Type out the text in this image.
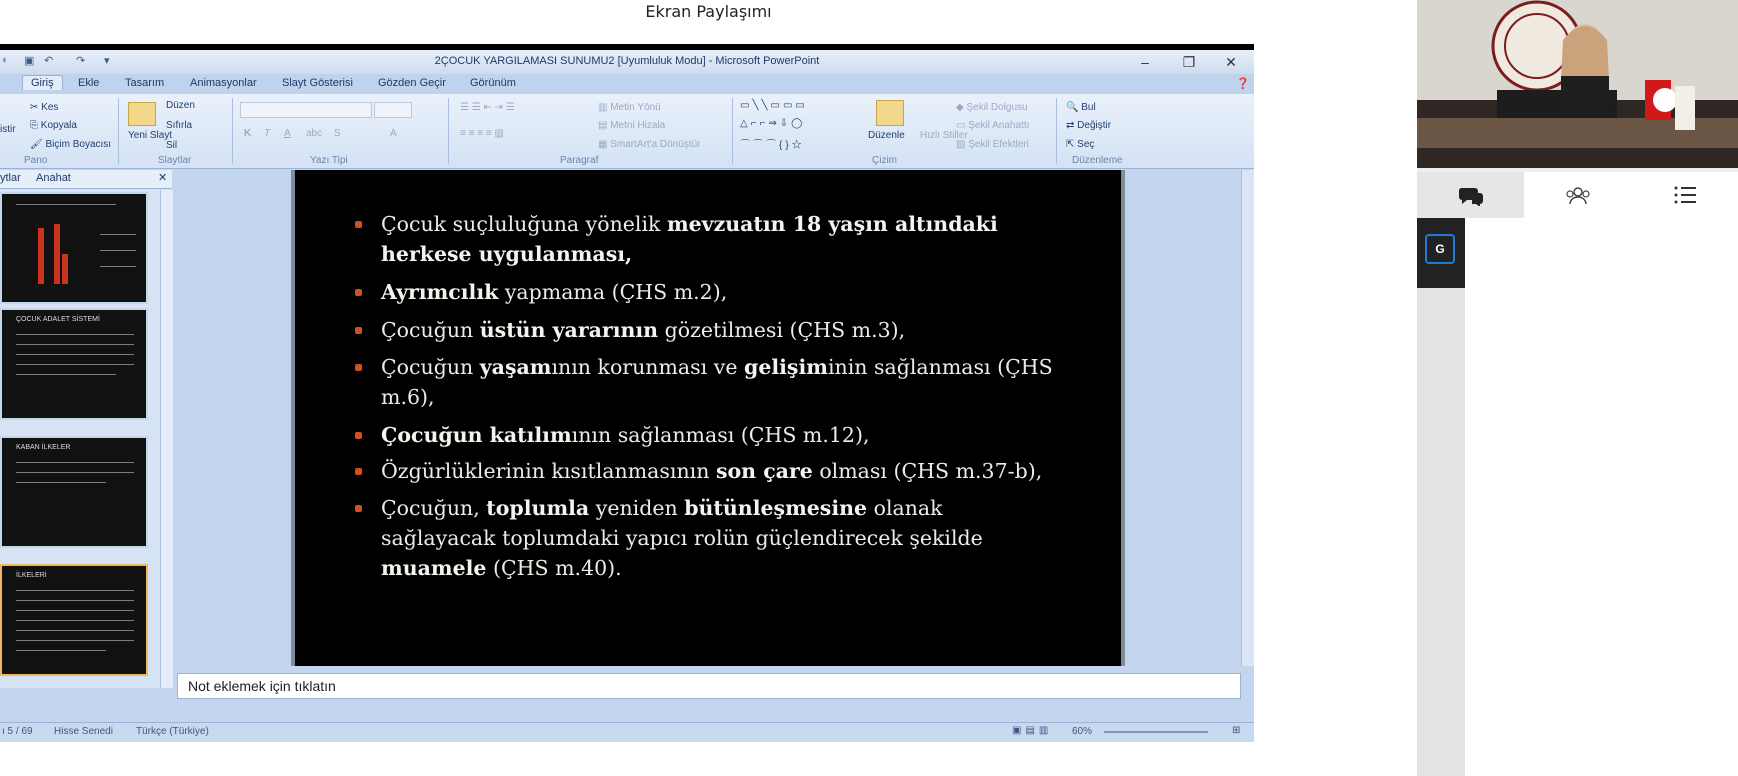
Ekran Paylaşımı
◐	▣ ↶	↷	▾	2ÇOCUK YARGILAMASI SUNUMU2 [Uyumluluk Modu] - Microsoft PowerPoint	–	❐	✕
Giriş	Ekle Tasarım Animasyonlar Slayt Gösterisi Gözden Geçir Görünüm	❓
istir
✂ Kes
⎘ Kopyala
🖌 Biçim Boyacısı
Pano
Yeni Slayt
Düzen
Sıfırla
Sil
Slaytlar
K T A abc S	A
Yazı Tipi
☰ ☰ ⇤ ⇥ ☰
≡ ≡ ≡ ≡ ▥
▥ Metin Yönü
▤ Metni Hizala
▦ SmartArt'a Dönüştür
Paragraf
▭╲╲▭▭▭
△⌐⌐⇒⇩◯
⌒⌒⌒{}☆
Düzenle Hızlı Stiller
◆ Şekil Dolgusu
▭ Şekil Anahattı
▧ Şekil Efektleri
Çizim
🔍 Bul
⇄ Değiştir
⇱ Seç
Düzenleme
ytlar Anahat	✕
ÇOCUK ADALET SİSTEMİ
KABAN İLKELER
İLKELERİ
Çocuk suçluluğuna yönelik mevzuatın 18 yaşın altındaki
herkese uygulanması,
Ayrımcılık yapmama (ÇHS m.2),
Çocuğun üstün yararının gözetilmesi (ÇHS m.3),
Çocuğun yaşamının korunması ve gelişiminin sağlanması (ÇHS
m.6),
Çocuğun katılımının sağlanması (ÇHS m.12),
Özgürlüklerinin kısıtlanmasının son çare olması (ÇHS m.37-b),
Çocuğun, toplumla yeniden bütünleşmesine olanak
sağlayacak toplumdaki yapıcı rolün güçlendirecek şekilde
muamele (ÇHS m.40).
Not eklemek için tıklatın
ı 5 / 69 Hisse Senedi Türkçe (Türkiye)	▣▤▥ 60%	⊞
G
